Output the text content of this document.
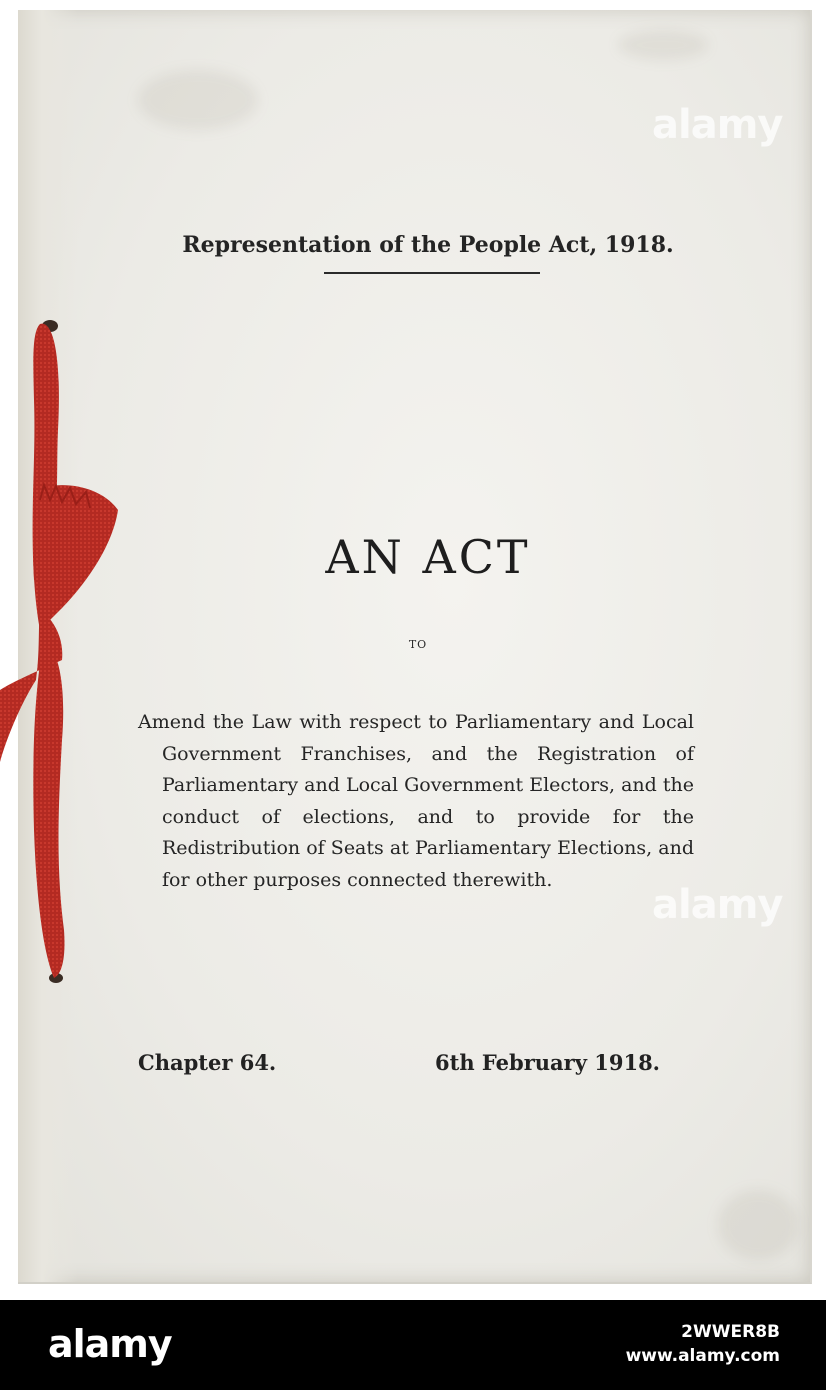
alamy
alamy
Representation of the People Act, 1918.
AN ACT
TO
Amend the Law with respect to Parliamentary and Local Government Franchises, and the Registration of Parliamentary and Local Government Electors, and the conduct of elections, and to provide for the Redistribution of Seats at Parliamentary Elections, and for other purposes connected therewith.
Chapter 64.	6th February 1918.
alamy	2WWER8B
www.alamy.com
